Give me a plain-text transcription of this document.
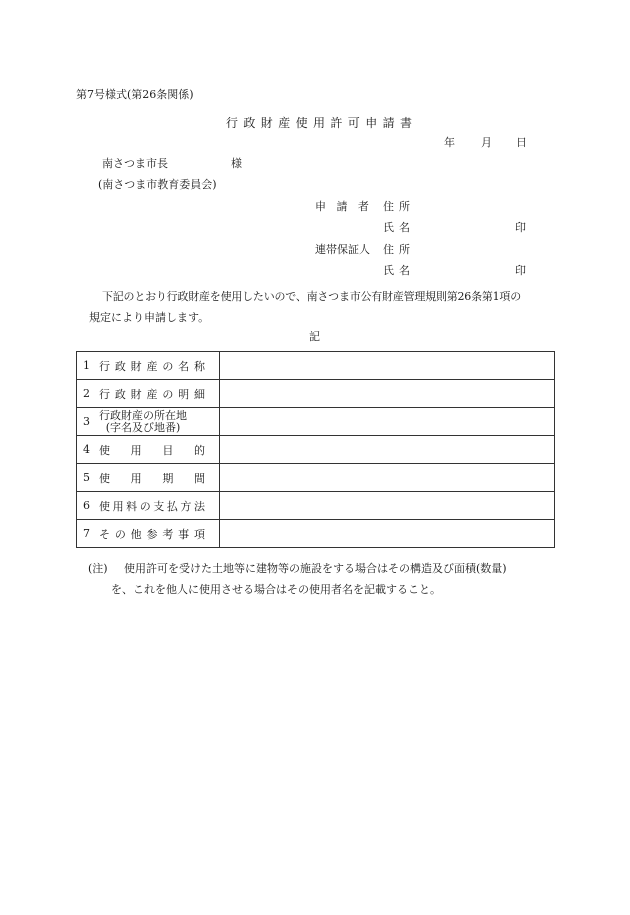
第7号様式(第26条関係)
行政財産使用許可申請書
年 月 日
南さつま市長	様
(南さつま市教育委員会)
申請者 住所
氏名	印
連帯保証人 住所
氏名	印
下記のとおり行政財産を使用したいので、南さつま市公有財産管理規則第26条第1項の
規定により申請します。
記
1 行政財産の名称	
2 行政財産の明細	
3 行政財産の所在地
(字名及び地番)	

4 使用目的	
5 使用期間	
6 使用料の支払方法	
7 その他参考事項	
(注) 使用許可を受けた土地等に建物等の施設をする場合はその構造及び面積(数量)
を、これを他人に使用させる場合はその使用者名を記載すること。
